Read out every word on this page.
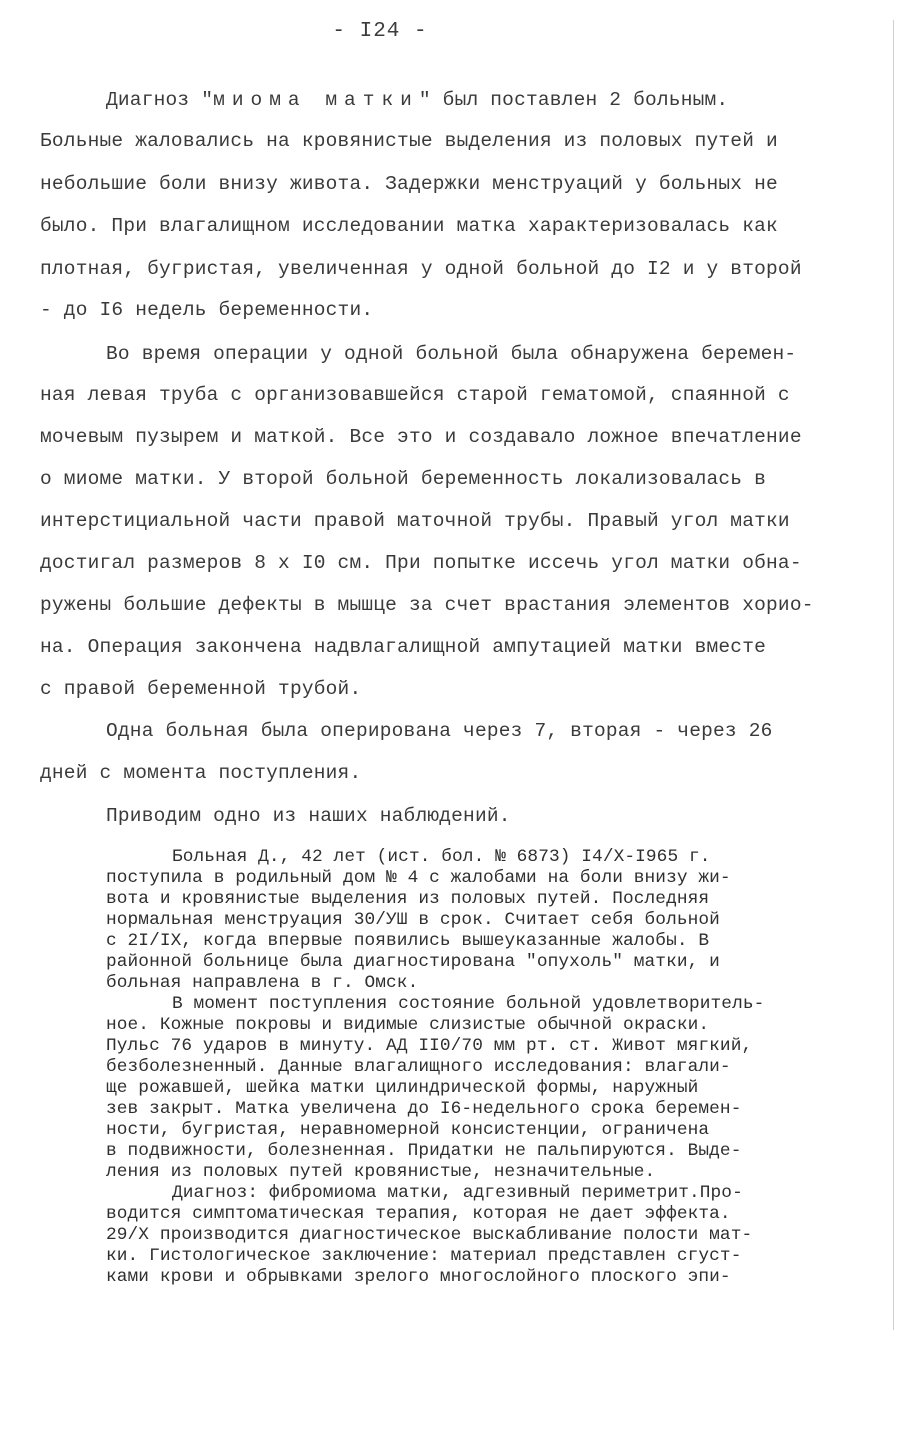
- I24 -
Диагноз "миома матки" был поставлен 2 больным.
Больные жаловались на кровянистые выделения из половых путей и
небольшие боли внизу живота. Задержки менструаций у больных не
было. При влагалищном исследовании матка характеризовалась как
плотная, бугристая, увеличенная у одной больной до I2 и у второй
- до I6 недель беременности.
Во время операции у одной больной была обнаружена беремен-
ная левая труба с организовавшейся старой гематомой, спаянной с
мочевым пузырем и маткой. Все это и создавало ложное впечатление
о миоме матки. У второй больной беременность локализовалась в
интерстициальной части правой маточной трубы. Правый угол матки
достигал размеров 8 х I0 см. При попытке иссечь угол матки обна-
ружены большие дефекты в мышце за счет врастания элементов хорио-
на. Операция закончена надвлагалищной ампутацией матки вместе
с правой беременной трубой.
Одна больная была оперирована через 7, вторая - через 26
дней с момента поступления.
Приводим одно из наших наблюдений.
Больная Д., 42 лет (ист. бол. № 6873) I4/X-I965 г.
поступила в родильный дом № 4 с жалобами на боли внизу жи-
вота и кровянистые выделения из половых путей. Последняя
нормальная менструация 30/УШ в срок. Считает себя больной
с 2I/IX, когда впервые появились вышеуказанные жалобы. В
районной больнице была диагностирована "опухоль" матки, и
больная направлена в г. Омск.
В момент поступления состояние больной удовлетворитель-
ное. Кожные покровы и видимые слизистые обычной окраски.
Пульс 76 ударов в минуту. АД II0/70 мм рт. ст. Живот мягкий,
безболезненный. Данные влагалищного исследования: влагали-
ще рожавшей, шейка матки цилиндрической формы, наружный
зев закрыт. Матка увеличена до I6-недельного срока беремен-
ности, бугристая, неравномерной консистенции, ограничена
в подвижности, болезненная. Придатки не пальпируются. Выде-
ления из половых путей кровянистые, незначительные.
Диагноз: фибромиома матки, адгезивный периметрит.Про-
водится симптоматическая терапия, которая не дает эффекта.
29/X производится диагностическое выскабливание полости мат-
ки. Гистологическое заключение: материал представлен сгуст-
ками крови и обрывками зрелого многослойного плоского эпи-
